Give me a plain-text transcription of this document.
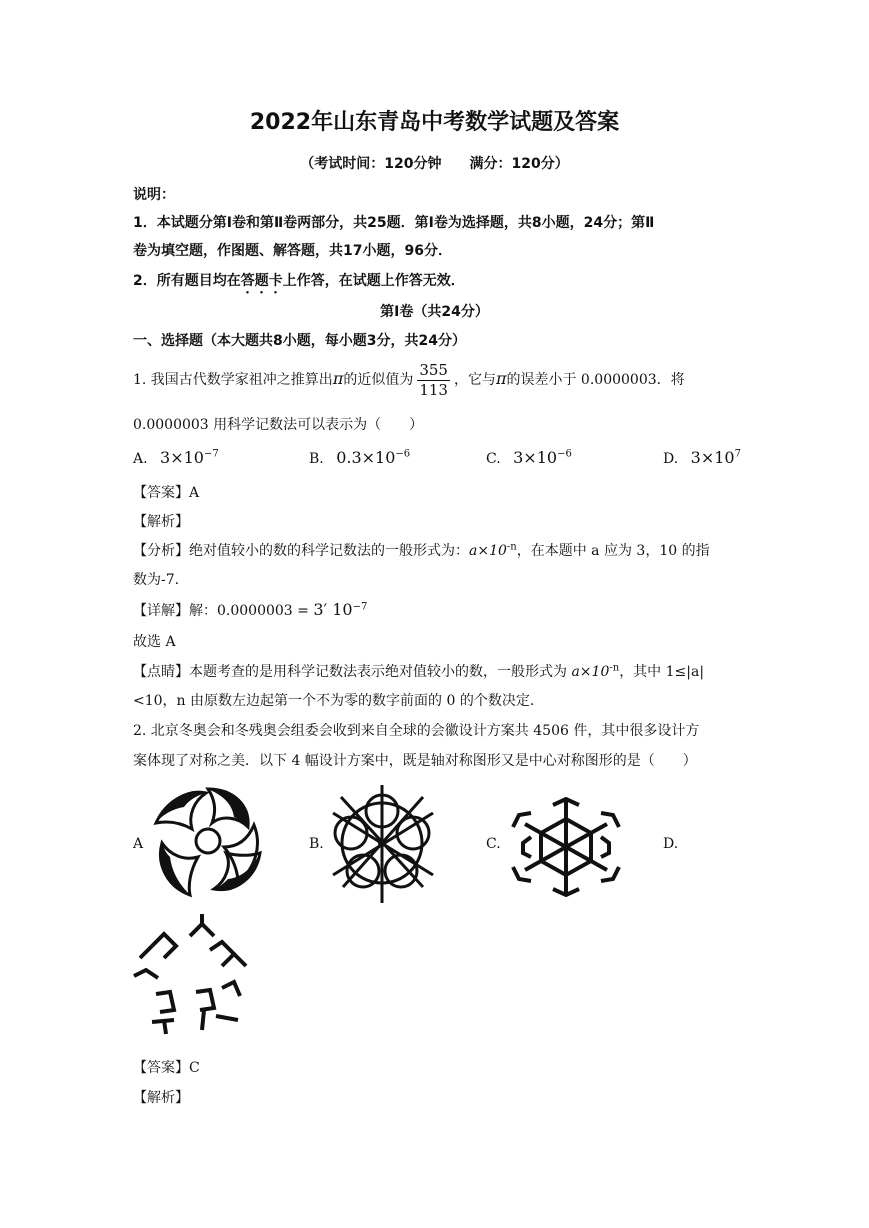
2022年山东青岛中考数学试题及答案
（考试时间：120分钟　　满分：120分）
说明：
1．本试题分第Ⅰ卷和第Ⅱ卷两部分，共25题．第Ⅰ卷为选择题，共8小题，24分；第Ⅱ
卷为填空题，作图题、解答题，共17小题，96分．
2．所有题目均在答题卡上作答，在试题上作答无效．
第Ⅰ卷（共24分）
一、选择题（本大题共8小题，每小题3分，共24分）
1. 我国古代数学家祖冲之推算出π的近似值为 $\frac{355}{113}$ ，它与π的误差小于 0.0000003．将
0.0000003 用科学记数法可以表示为（　　）
A. $3\times 10^{-7}$	B. $0.3\times 10^{-6}$	C. $3\times 10^{-6}$	D. $3\times 10^7$
【答案】A
【解析】
【分析】绝对值较小的数的科学记数法的一般形式为：$a\times 10^{-n}$，在本题中 a 应为 3，10 的指
数为-7.
【详解】解：0.0000003 = 3′ $10^{-7}$
故选 A
【点睛】本题考查的是用科学记数法表示绝对值较小的数，一般形式为 $a\times 10^{-n}$，其中 1≤|a|
<10，n 由原数左边起第一个不为零的数字前面的 0 的个数决定.
2. 北京冬奥会和冬残奥会组委会收到来自全球的会徽设计方案共 4506 件，其中很多设计方
案体现了对称之美．以下 4 幅设计方案中，既是轴对称图形又是中心对称图形的是（　　）
A	B.	C.	D.
【答案】C
【解析】
